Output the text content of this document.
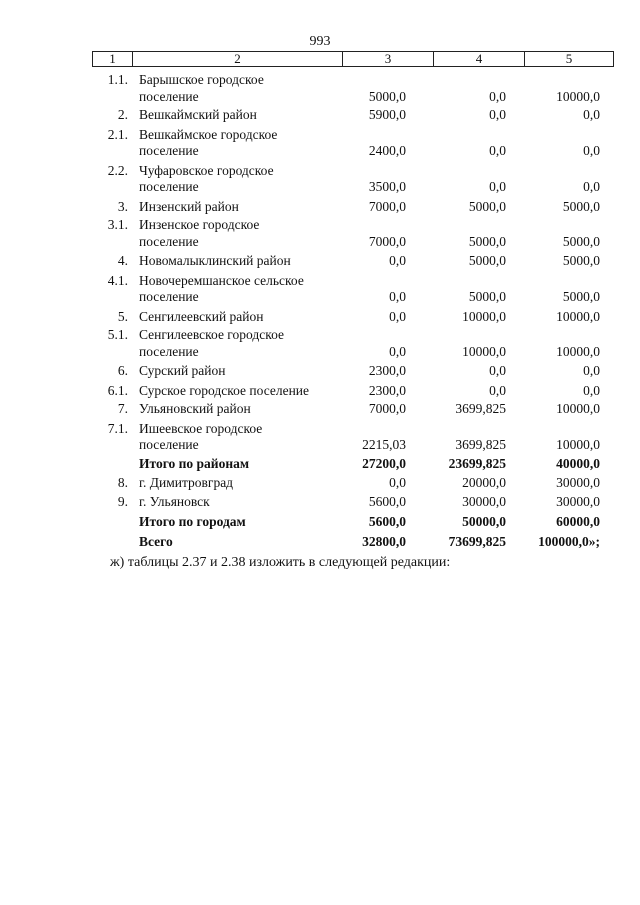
993
1	2	3	4	5
1.1. Барышское городское
поселение	5000,0	0,0	10000,0
2. Вешкаймский район	5900,0	0,0	0,0
2.1. Вешкаймское городское
поселение	2400,0	0,0	0,0
2.2. Чуфаровское городское
поселение	3500,0	0,0	0,0
3. Инзенский район	7000,0	5000,0	5000,0
3.1. Инзенское городское
поселение	7000,0	5000,0	5000,0
4. Новомалыклинский район	0,0	5000,0	5000,0
4.1. Новочеремшанское сельское
поселение	0,0	5000,0	5000,0
5. Сенгилеевский район	0,0	10000,0	10000,0
5.1. Сенгилеевское городское
поселение	0,0	10000,0	10000,0
6. Сурский район	2300,0	0,0	0,0
6.1. Сурское городское поселение	2300,0	0,0	0,0
7. Ульяновский район	7000,0	3699,825	10000,0
7.1. Ишеевское городское
поселение	2215,03	3699,825	10000,0
Итого по районам	27200,0	23699,825	40000,0
8. г. Димитровград	0,0	20000,0	30000,0
9. г. Ульяновск	5600,0	30000,0	30000,0
Итого по городам	5600,0	50000,0	60000,0
Всего	32800,0	73699,825	100000,0»;
ж) таблицы 2.37 и 2.38 изложить в следующей редакции:
